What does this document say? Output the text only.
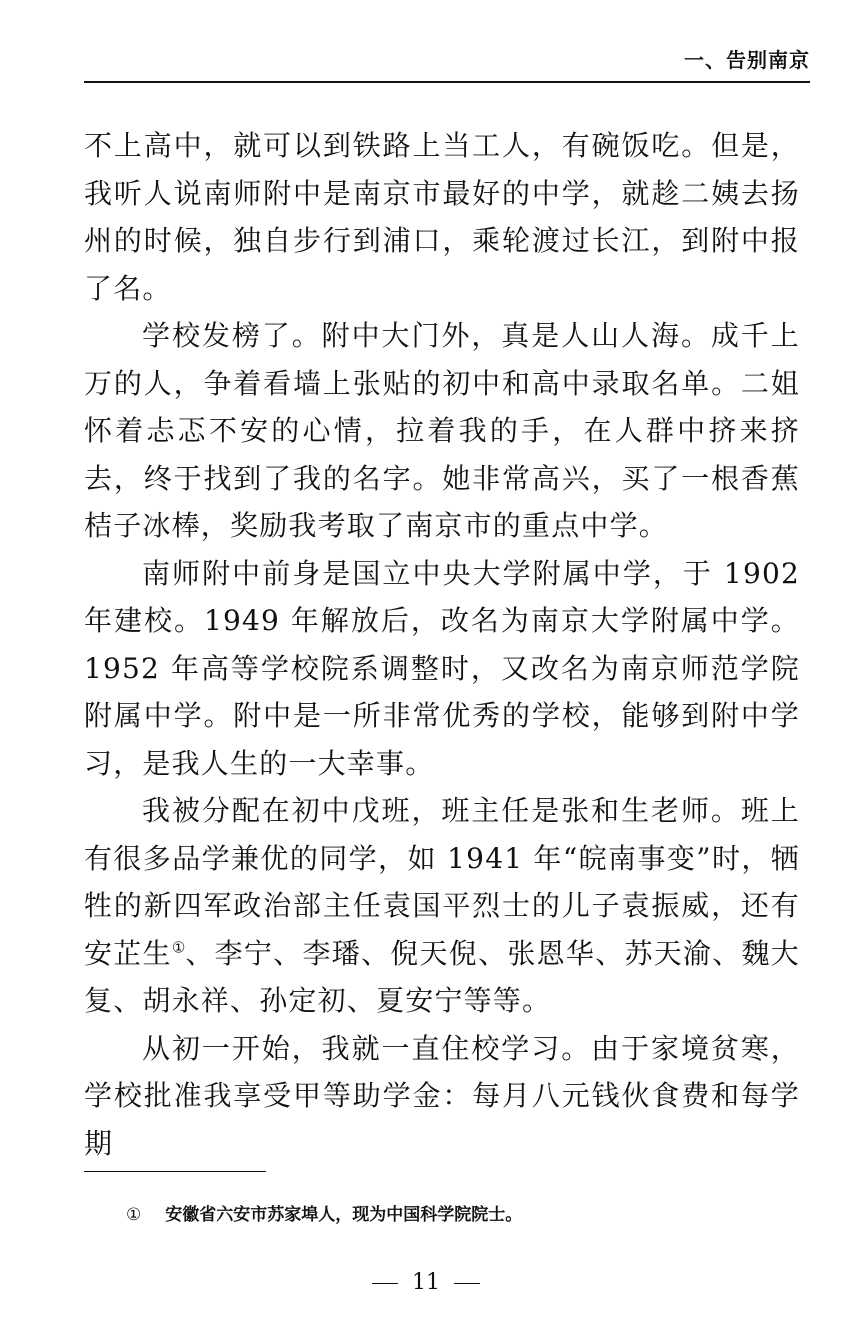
一、告别南京

不上高中，就可以到铁路上当工人，有碗饭吃。但是，我听人说南师附中是南京市最好的中学，就趁二姨去扬州的时候，独自步行到浦口，乘轮渡过长江，到附中报了名。

学校发榜了。附中大门外，真是人山人海。成千上万的人，争着看墙上张贴的初中和高中录取名单。二姐怀着忐忑不安的心情，拉着我的手，在人群中挤来挤去，终于找到了我的名字。她非常高兴，买了一根香蕉桔子冰棒，奖励我考取了南京市的重点中学。

南师附中前身是国立中央大学附属中学，于 1902 年建校。1949 年解放后，改名为南京大学附属中学。1952 年高等学校院系调整时，又改名为南京师范学院附属中学。附中是一所非常优秀的学校，能够到附中学习，是我人生的一大幸事。

我被分配在初中戊班，班主任是张和生老师。班上有很多品学兼优的同学，如 1941 年“皖南事变”时，牺牲的新四军政治部主任袁国平烈士的儿子袁振威，还有安芷生①、李宁、李璠、倪天倪、张恩华、苏天渝、魏大复、胡永祥、孙定初、夏安宁等等。

从初一开始，我就一直住校学习。由于家境贫寒，学校批准我享受甲等助学金：每月八元钱伙食费和每学期

① 安徽省六安市苏家埠人，现为中国科学院院士。
11
